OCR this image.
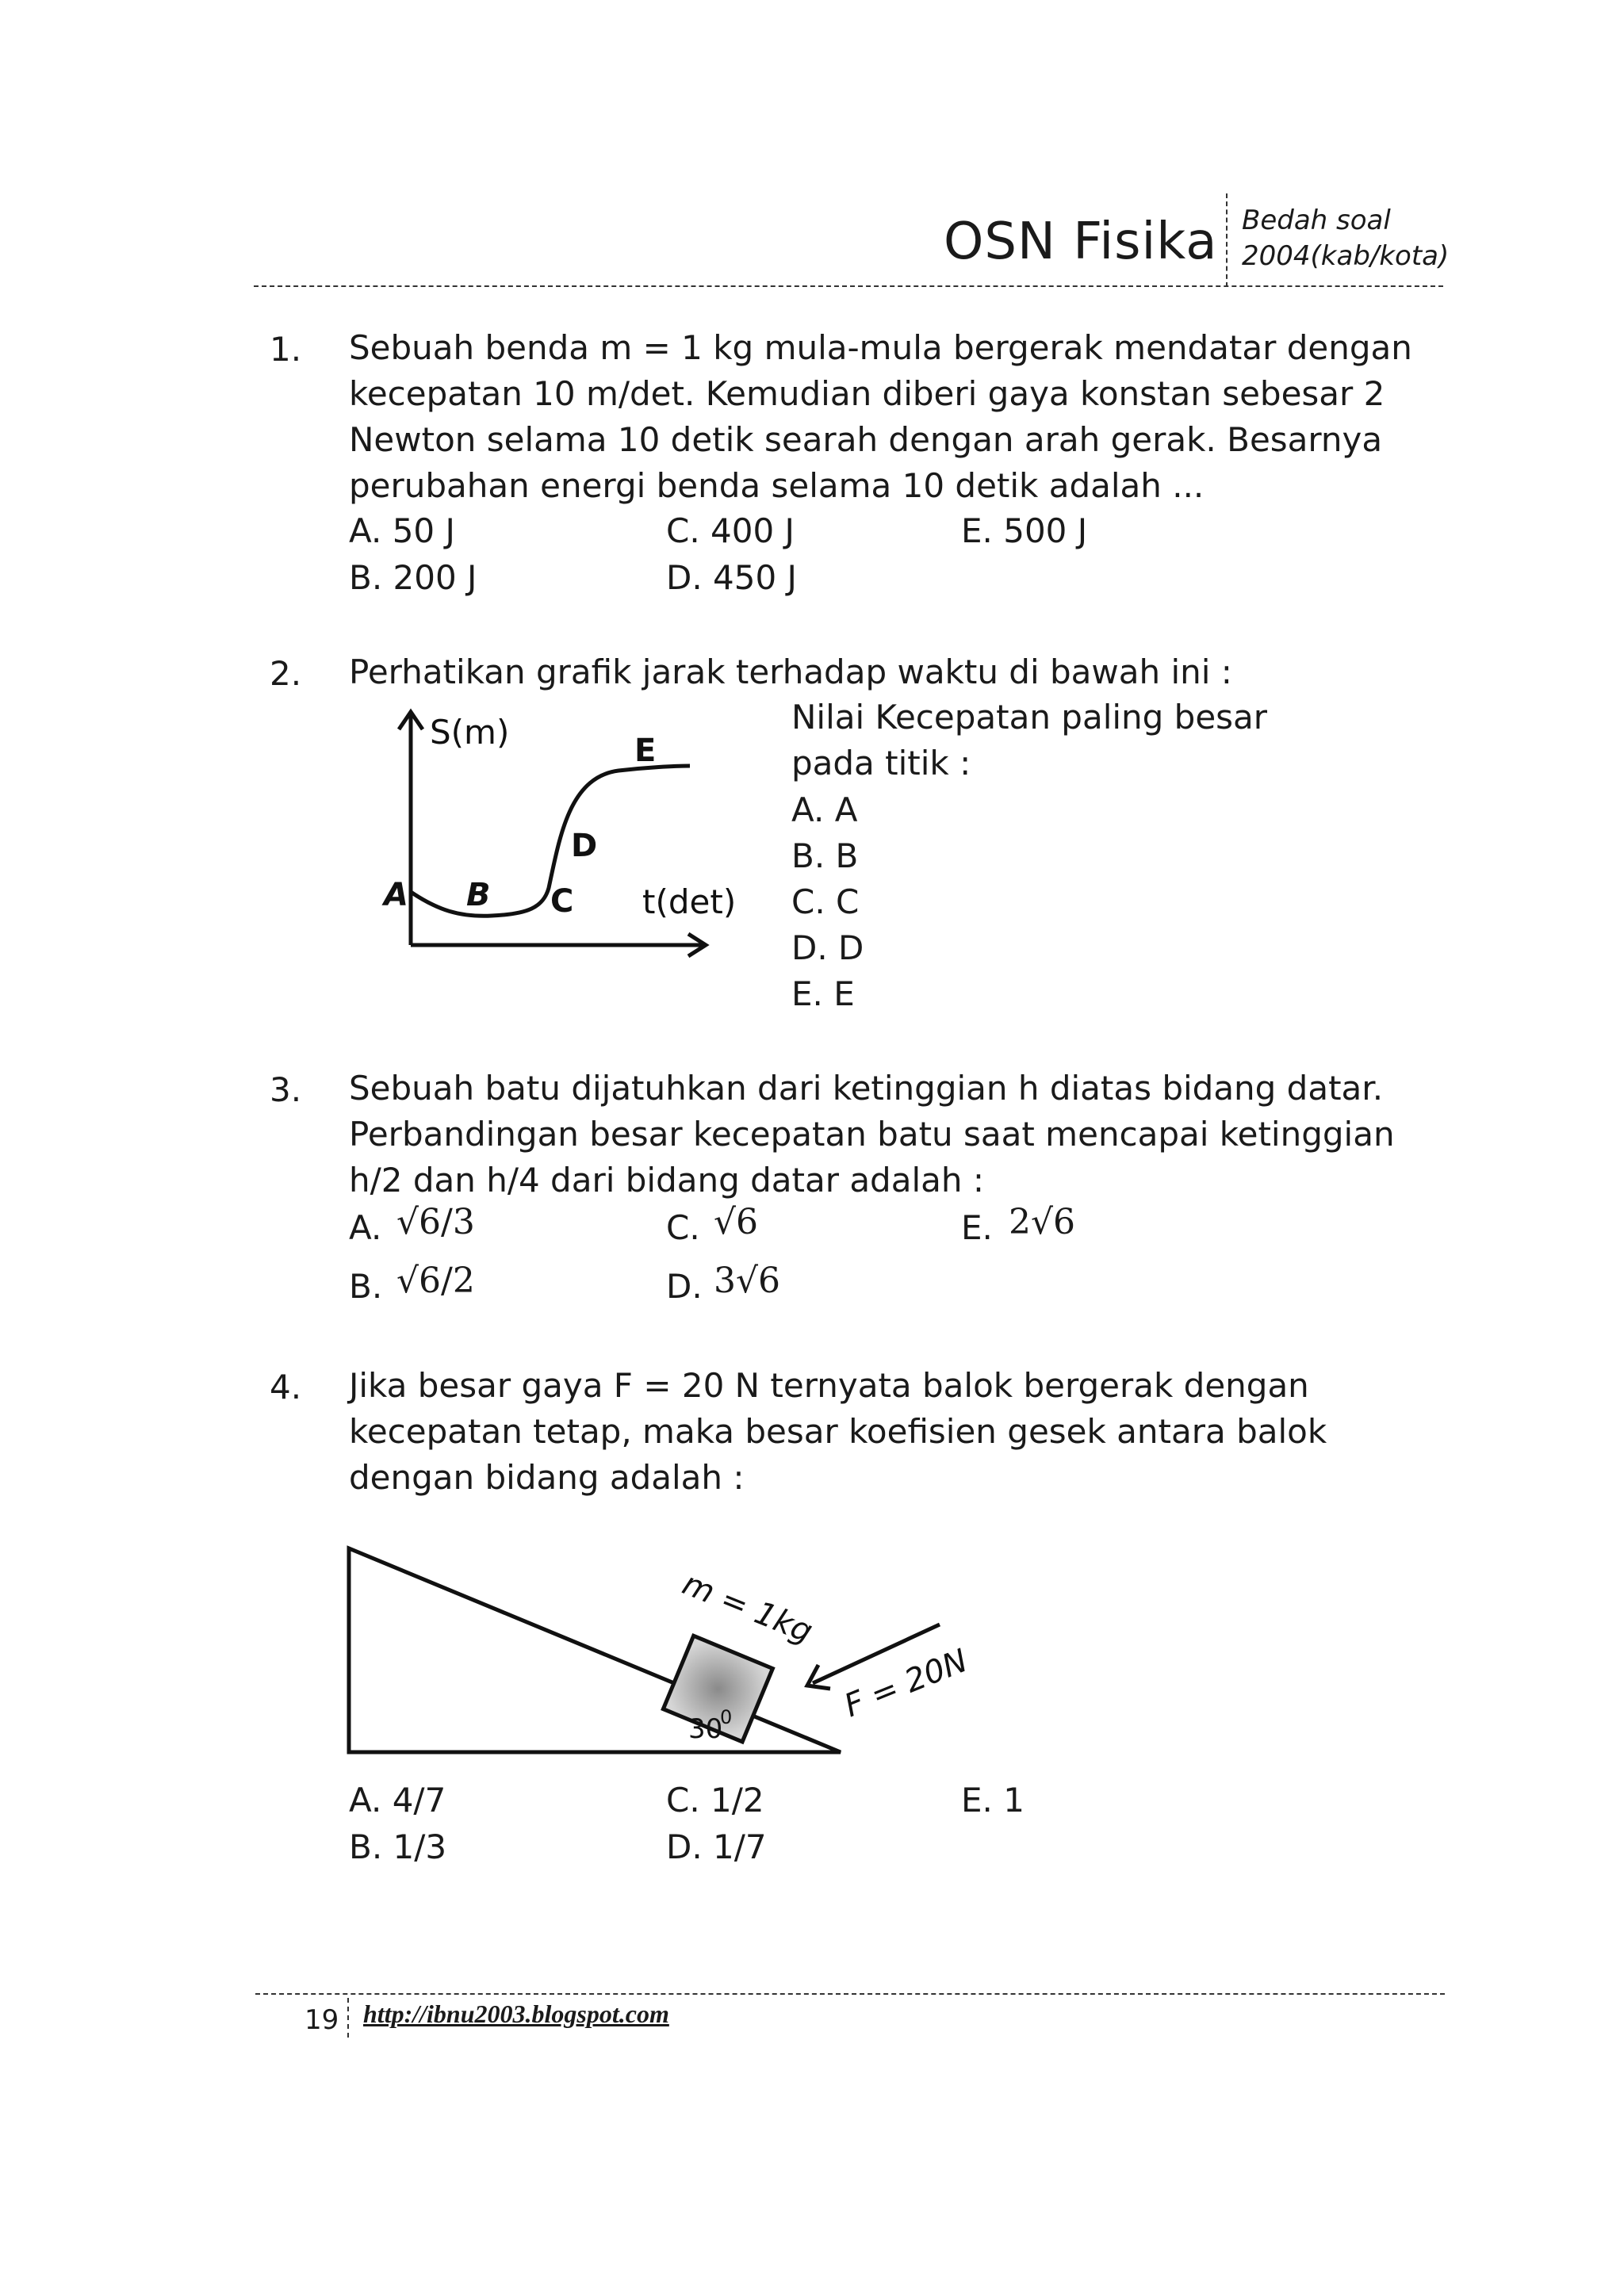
OSN Fisika Bedah soal
2004(kab/kota)
1. Sebuah benda m = 1 kg mula-mula bergerak mendatar dengan
kecepatan 10 m/det. Kemudian diberi gaya konstan sebesar 2
Newton selama 10 detik searah dengan arah gerak. Besarnya
perubahan energi benda selama 10 detik adalah ...
A. 50 J	C. 400 J	E. 500 J
B. 200 J	D. 450 J
2. Perhatikan grafik jarak terhadap waktu di bawah ini :
S(m)
t(det)
A B C
D
E
Nilai Kecepatan paling besar
pada titik :
A. A
B. B
C. C
D. D
E. E
3. Sebuah batu dijatuhkan dari ketinggian h diatas bidang datar.
Perbandingan besar kecepatan batu saat mencapai ketinggian
h/2 dan h/4 dari bidang datar adalah :
A. √6/3	C. √6	E. 2√6
B. √6/2	D. 3√6
4. Jika besar gaya F = 20 N ternyata balok bergerak dengan
kecepatan tetap, maka besar koefisien gesek antara balok
dengan bidang adalah :
m = 1kg
F = 20N
30
0
A. 4/7	C. 1/2	E. 1
B. 1/3	D. 1/7
19 http://ibnu2003.blogspot.com
